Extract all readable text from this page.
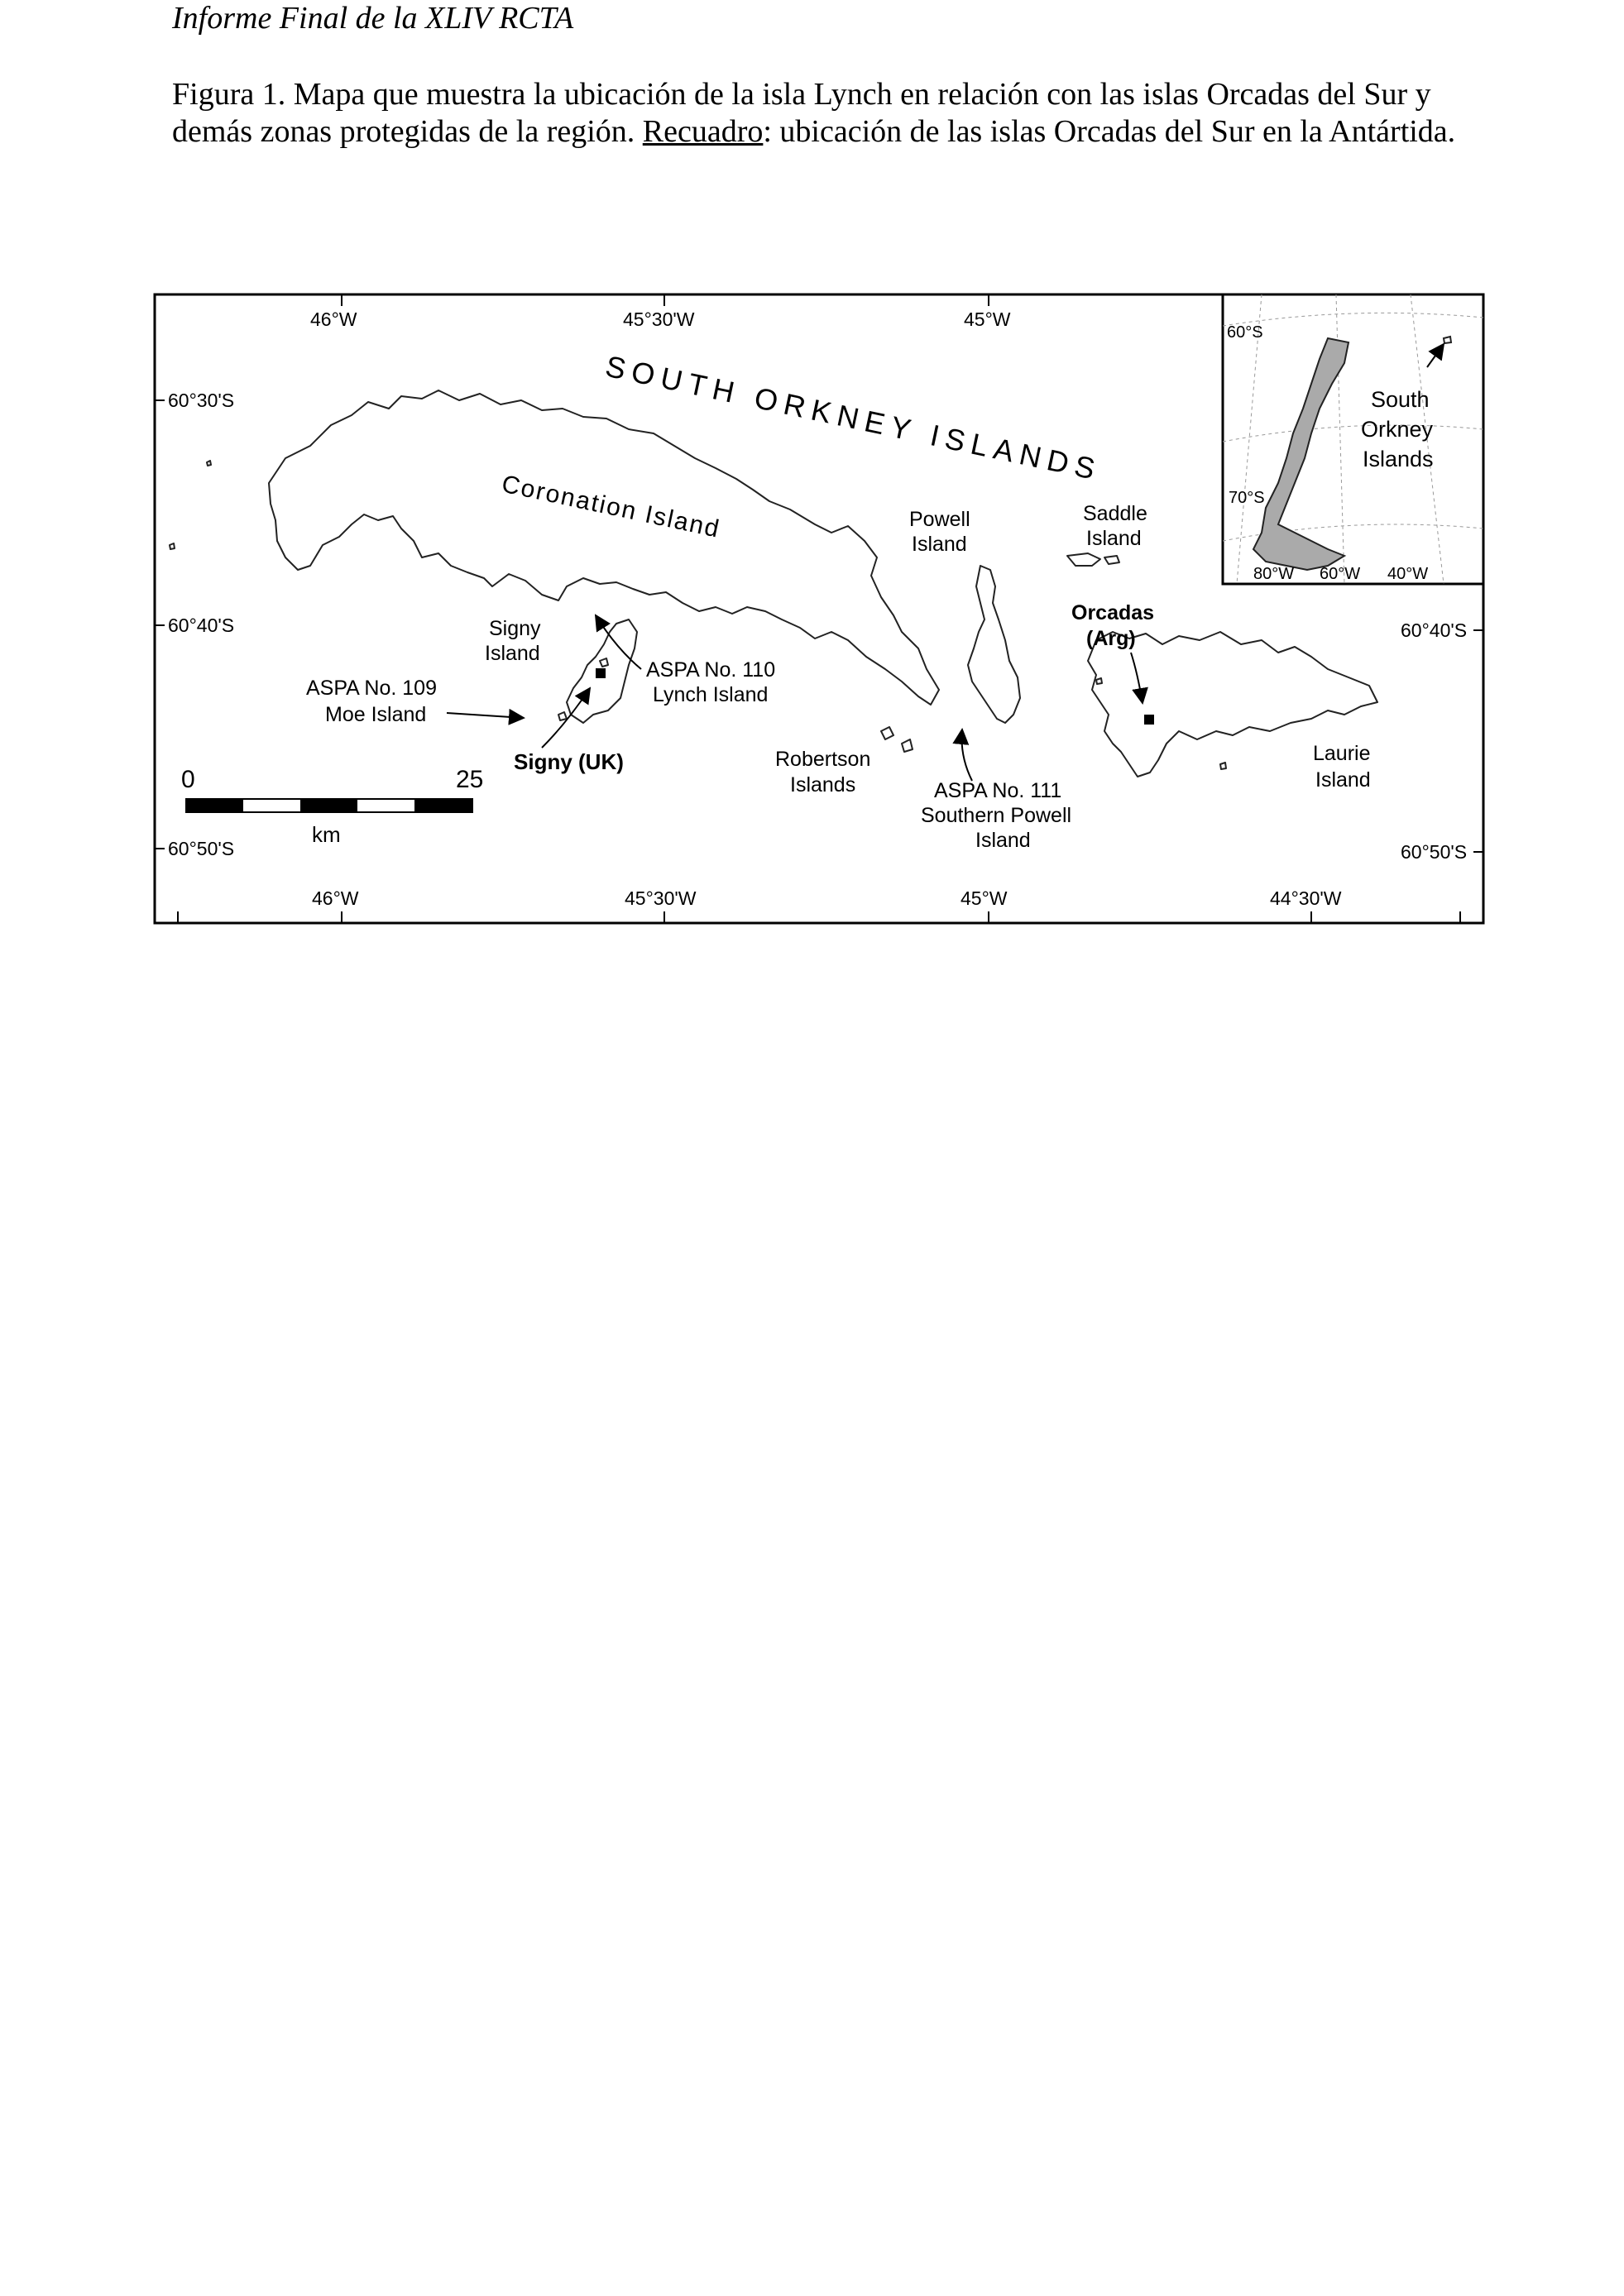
Informe Final de la XLIV RCTA
Figura 1. Mapa que muestra la ubicación de la isla Lynch en relación con las islas Orcadas del Sur y demás zonas protegidas de la región. Recuadro: ubicación de las islas Orcadas del Sur en la Antártida.
46°W	45°30'W	45°W
46°W	45°30'W	45°W	44°30'W
60°30'S
60°40'S
60°50'S
60°40'S
60°50'S
SOUTH ORKNEY ISLANDS
Coronation Island
Signy
Island
Powell
Island
Saddle
Island
Robertson
Islands
Laurie
Island
ASPA No. 109
Moe Island
ASPA No. 110
Lynch Island
ASPA No. 111
Southern Powell
Island
Signy (UK)
Orcadas
(Arg)
0	25
km
60°S
70°S
80°W 60°W 40°W
South
Orkney
Islands
